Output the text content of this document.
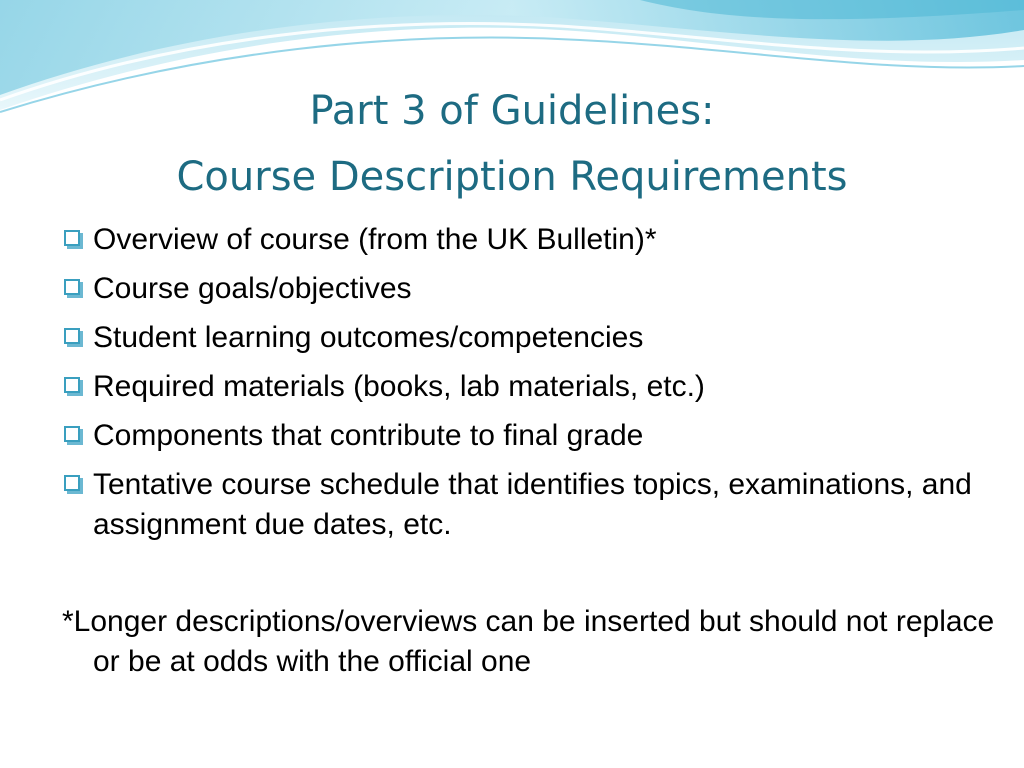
Part 3 of Guidelines:
Course Description Requirements
Overview of course (from the UK Bulletin)*
Course goals/objectives
Student learning outcomes/competencies
Required materials (books, lab materials, etc.)
Components that contribute to final grade
Tentative course schedule that identifies topics, examinations, and assignment due dates, etc.

*Longer descriptions/overviews can be inserted but should not replace or be at odds with the official one
